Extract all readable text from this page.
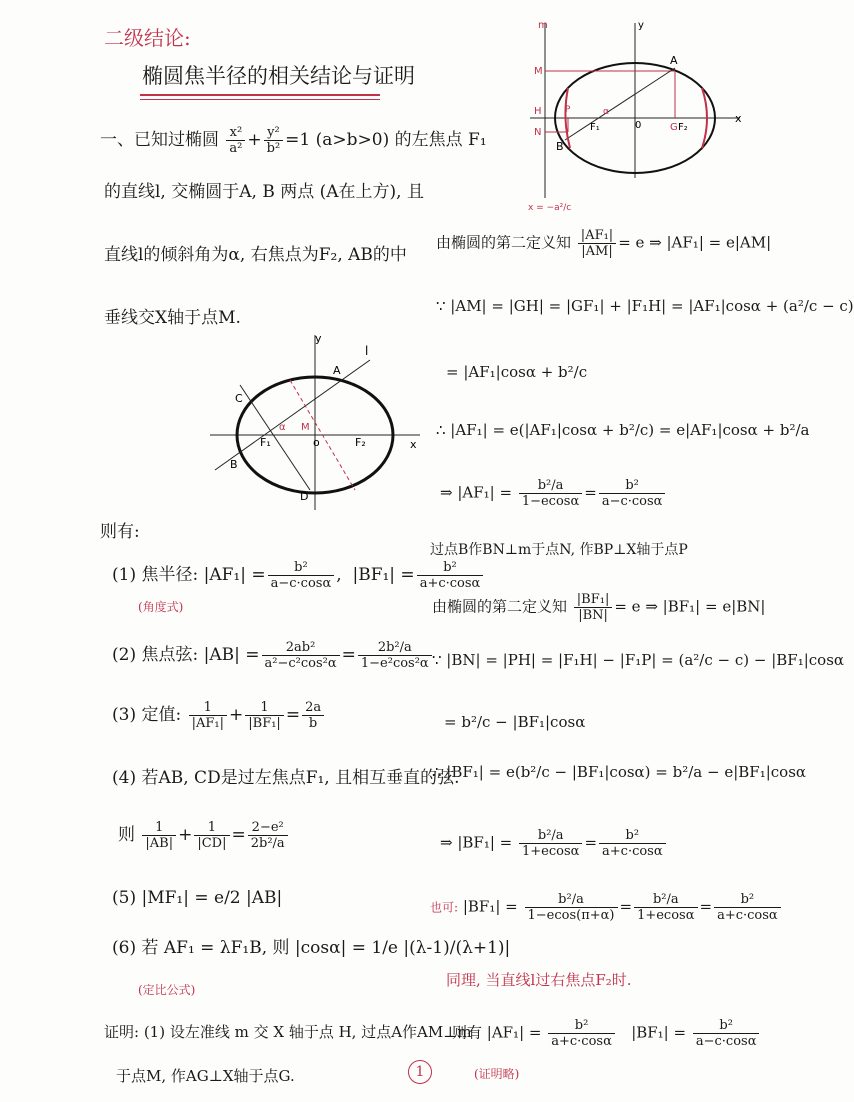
二级结论:
椭圆焦半径的相关结论与证明
一、已知过椭圆 $\frac{\text{x²}}{\text{a²}} + \frac{\text{y²}}{\text{b²}} =1$ (a>b>0) 的左焦点 F₁
的直线l, 交椭圆于A, B 两点 (A在上方), 且
直线l的倾斜角为α, 右焦点为F₂, AB的中
垂线交X轴于点M.
y
l
A
C
F₁	o	F₂	x
B
D
M
α
则有:
(1) 焦半径: $|AF_1| = \frac{\text{b²}}{a-c\cdot\cos\alpha}$ ,  $|BF_1| = \frac{\text{b²}}{a+c\cdot\cos\alpha}$
(角度式)
(2) 焦点弦: $|AB| = \frac{\text{2ab²}}{\text{a²−c²cos²α}} = \frac{\text{2b²/a}}{\text{1−e²cos²α}}$
(3) 定值: $\frac{1}{\text{|AF₁|}} + \frac{1}{\text{|BF₁|}} = \frac{2a}{b}$
(4) 若AB, CD是过左焦点F₁, 且相互垂直的弦.
则 $\frac{1}{|AB|} + \frac{1}{|CD|} = \frac{\text{2−e²}}{\text{2b²/a}}$
(5) |MF₁| = e/2 |AB|
(6) 若 AF₁ = λF₁B, 则 |cosα| = 1/e |(λ-1)/(λ+1)|
(定比公式)
证明: (1) 设左准线 m 交 X 轴于点 H, 过点A作AM⊥m
于点M, 作AG⊥X轴于点G.	1
m	y
x
A
M
H
N
P
F₁	0	G F₂
B
α
x = −a²/c
由椭圆的第二定义知 $\frac{\text{|AF₁|}}{|AM|} = e$ ⇒ |AF₁| = e|AM|
∵ |AM| = |GH| = |GF₁| + |F₁H| = |AF₁|cosα + (a²/c − c)
= |AF₁|cosα + b²/c
∴ |AF₁| = e(|AF₁|cosα + b²/c) = e|AF₁|cosα + b²/a
⇒ $|AF_1| = \frac{\text{b²/a}}{1-ecos\alpha} = \frac{\text{b²}}{a-c\cdot\cos\alpha}$
过点B作BN⊥m于点N, 作BP⊥X轴于点P
由椭圆的第二定义知 $\frac{\text{|BF₁|}}{|BN|} = e$ ⇒ |BF₁| = e|BN|
∵ |BN| = |PH| = |F₁H| − |F₁P| = (a²/c − c) − |BF₁|cosα
= b²/c − |BF₁|cosα
∴ |BF₁| = e(b²/c − |BF₁|cosα) = b²/a − e|BF₁|cosα
⇒ $|BF_1| = \frac{\text{b²/a}}{1+ecos\alpha} = \frac{\text{b²}}{a+c\cdot\cos\alpha}$
也可: $|BF_1| = \frac{\text{b²/a}}{1-ecos(\pi+\alpha)} = \frac{\text{b²/a}}{1+ecos\alpha} = \frac{\text{b²}}{a+c\cdot\cos\alpha}$
同理, 当直线l过右焦点F₂时.
则有 $|AF_1| = \frac{\text{b²}}{a+c\cdot\cos\alpha} |BF_1| = \frac{\text{b²}}{a-c\cdot\cos\alpha}$
(证明略)
